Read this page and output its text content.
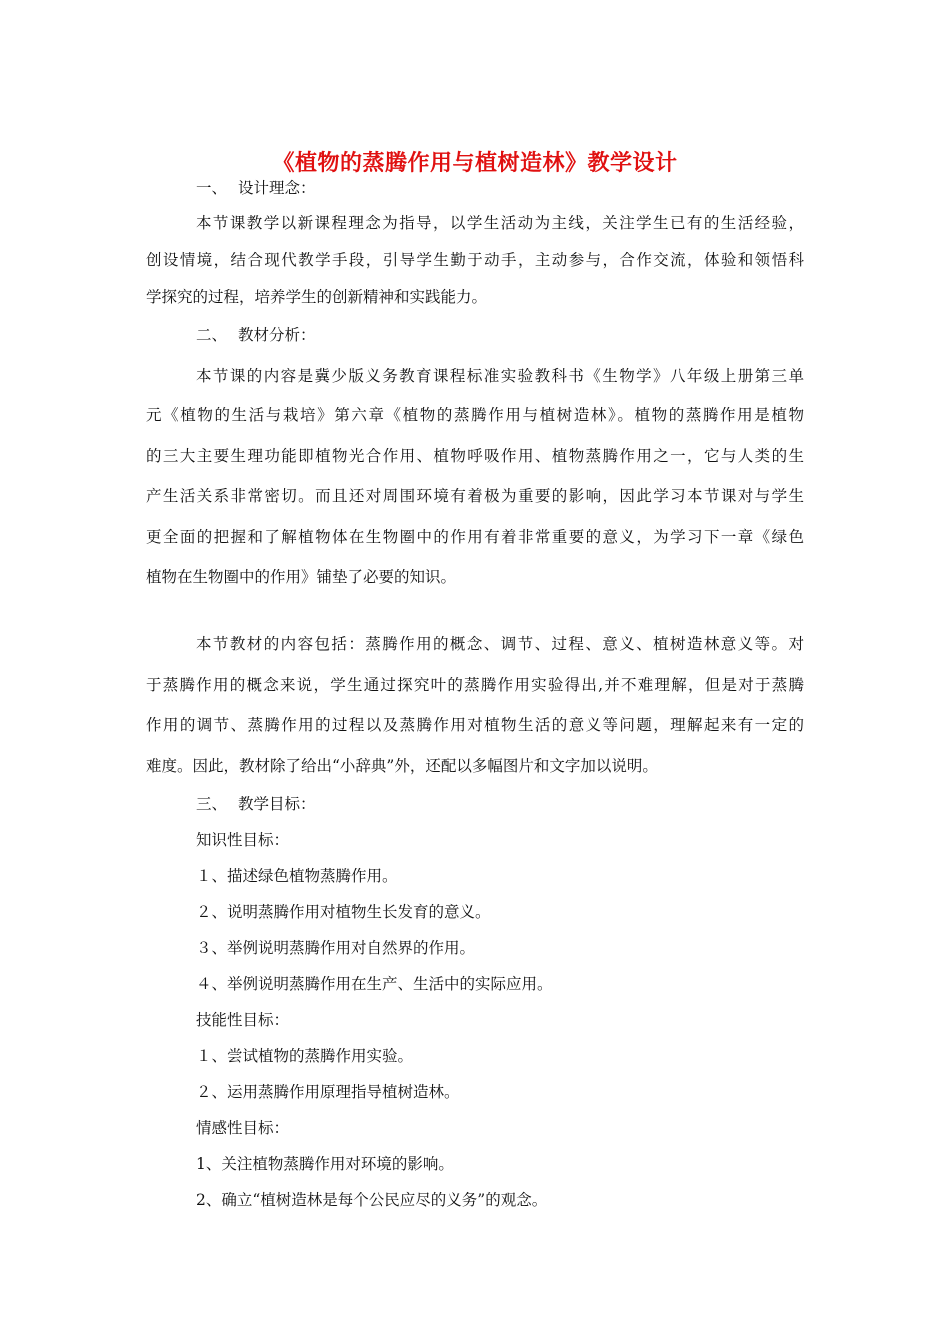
《植物的蒸腾作用与植树造林》教学设计
一、 设计理念：
本节课教学以新课程理念为指导，以学生活动为主线，关注学生已有的生活经验，
创设情境，结合现代教学手段，引导学生勤于动手，主动参与，合作交流，体验和领悟科
学探究的过程，培养学生的创新精神和实践能力。
二、 教材分析：
本节课的内容是冀少版义务教育课程标准实验教科书《生物学》八年级上册第三单
元《植物的生活与栽培》第六章《植物的蒸腾作用与植树造林》。植物的蒸腾作用是植物
的三大主要生理功能即植物光合作用、植物呼吸作用、植物蒸腾作用之一，它与人类的生
产生活关系非常密切。而且还对周围环境有着极为重要的影响，因此学习本节课对与学生
更全面的把握和了解植物体在生物圈中的作用有着非常重要的意义，为学习下一章《绿色
植物在生物圈中的作用》铺垫了必要的知识。
本节教材的内容包括：蒸腾作用的概念、调节、过程、意义、植树造林意义等。对
于蒸腾作用的概念来说，学生通过探究叶的蒸腾作用实验得出,并不难理解，但是对于蒸腾
作用的调节、蒸腾作用的过程以及蒸腾作用对植物生活的意义等问题，理解起来有一定的
难度。因此，教材除了给出“小辞典”外，还配以多幅图片和文字加以说明。
三、 教学目标：
知识性目标：
１、描述绿色植物蒸腾作用。
２、说明蒸腾作用对植物生长发育的意义。
３、举例说明蒸腾作用对自然界的作用。
４、举例说明蒸腾作用在生产、生活中的实际应用。
技能性目标：
１、尝试植物的蒸腾作用实验。
２、运用蒸腾作用原理指导植树造林。
情感性目标：
1、关注植物蒸腾作用对环境的影响。
2、确立“植树造林是每个公民应尽的义务”的观念。
